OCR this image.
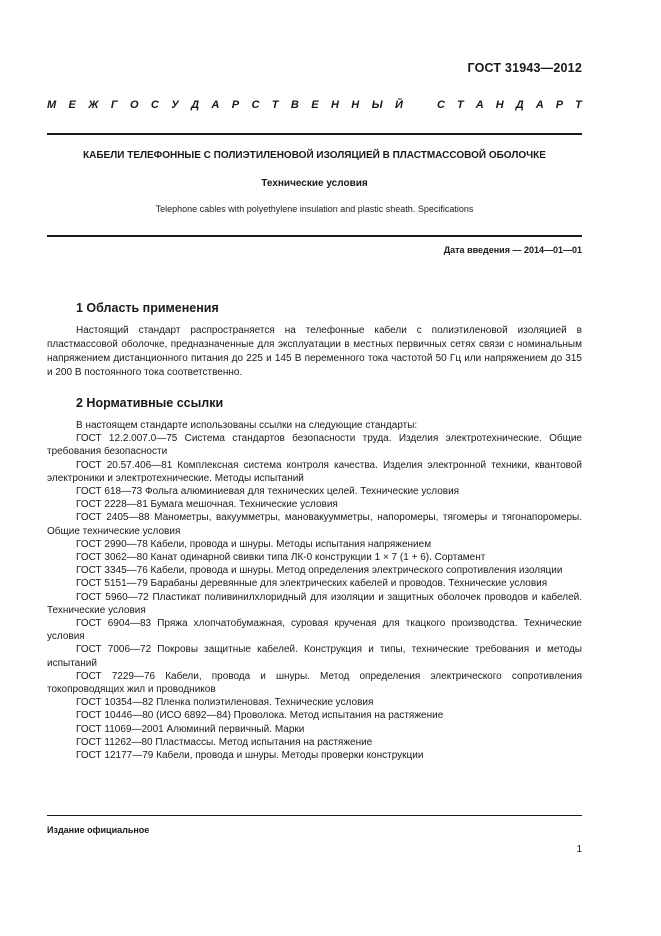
ГОСТ 31943—2012
М Е Ж Г О С У Д А Р С Т В Е Н Н Ы Й	С Т А Н Д А Р Т
КАБЕЛИ ТЕЛЕФОННЫЕ С ПОЛИЭТИЛЕНОВОЙ ИЗОЛЯЦИЕЙ В ПЛАСТМАССОВОЙ ОБОЛОЧКЕ
Технические условия
Telephone cables with polyethylene insulation and plastic sheath. Specifications
Дата введения — 2014—01—01
1 Область применения
Настоящий стандарт распространяется на телефонные кабели с полиэтиленовой изоляцией в пластмассовой оболочке, предназначенные для эксплуатации в местных первичных сетях связи с номинальным напряжением дистанционного питания до 225 и 145 В переменного тока частотой 50 Гц или напряжением до 315 и 200 В постоянного тока соответственно.
2 Нормативные ссылки
В настоящем стандарте использованы ссылки на следующие стандарты:
ГОСТ 12.2.007.0—75 Система стандартов безопасности труда. Изделия электротехнические. Общие требования безопасности
ГОСТ 20.57.406—81 Комплексная система контроля качества. Изделия электронной техники, квантовой электроники и электротехнические. Методы испытаний
ГОСТ 618—73 Фольга алюминиевая для технических целей. Технические условия
ГОСТ 2228—81 Бумага мешочная. Технические условия
ГОСТ 2405—88 Манометры, вакуумметры, мановакуумметры, напоромеры, тягомеры и тягонапоромеры. Общие технические условия
ГОСТ 2990—78 Кабели, провода и шнуры. Методы испытания напряжением
ГОСТ 3062—80 Канат одинарной свивки типа ЛК-0 конструкции 1 × 7 (1 + 6). Сортамент
ГОСТ 3345—76 Кабели, провода и шнуры. Метод определения электрического сопротивления изоляции
ГОСТ 5151—79 Барабаны деревянные для электрических кабелей и проводов. Технические условия
ГОСТ 5960—72 Пластикат поливинилхлоридный для изоляции и защитных оболочек проводов и кабелей. Технические условия
ГОСТ 6904—83 Пряжа хлопчатобумажная, суровая крученая для ткацкого производства. Технические условия
ГОСТ 7006—72 Покровы защитные кабелей. Конструкция и типы, технические требования и методы испытаний
ГОСТ 7229—76 Кабели, провода и шнуры. Метод определения электрического сопротивления токопроводящих жил и проводников
ГОСТ 10354—82 Пленка полиэтиленовая. Технические условия
ГОСТ 10446—80 (ИСО 6892—84) Проволока. Метод испытания на растяжение
ГОСТ 11069—2001 Алюминий первичный. Марки
ГОСТ 11262—80 Пластмассы. Метод испытания на растяжение
ГОСТ 12177—79 Кабели, провода и шнуры. Методы проверки конструкции
Издание официальное
1
